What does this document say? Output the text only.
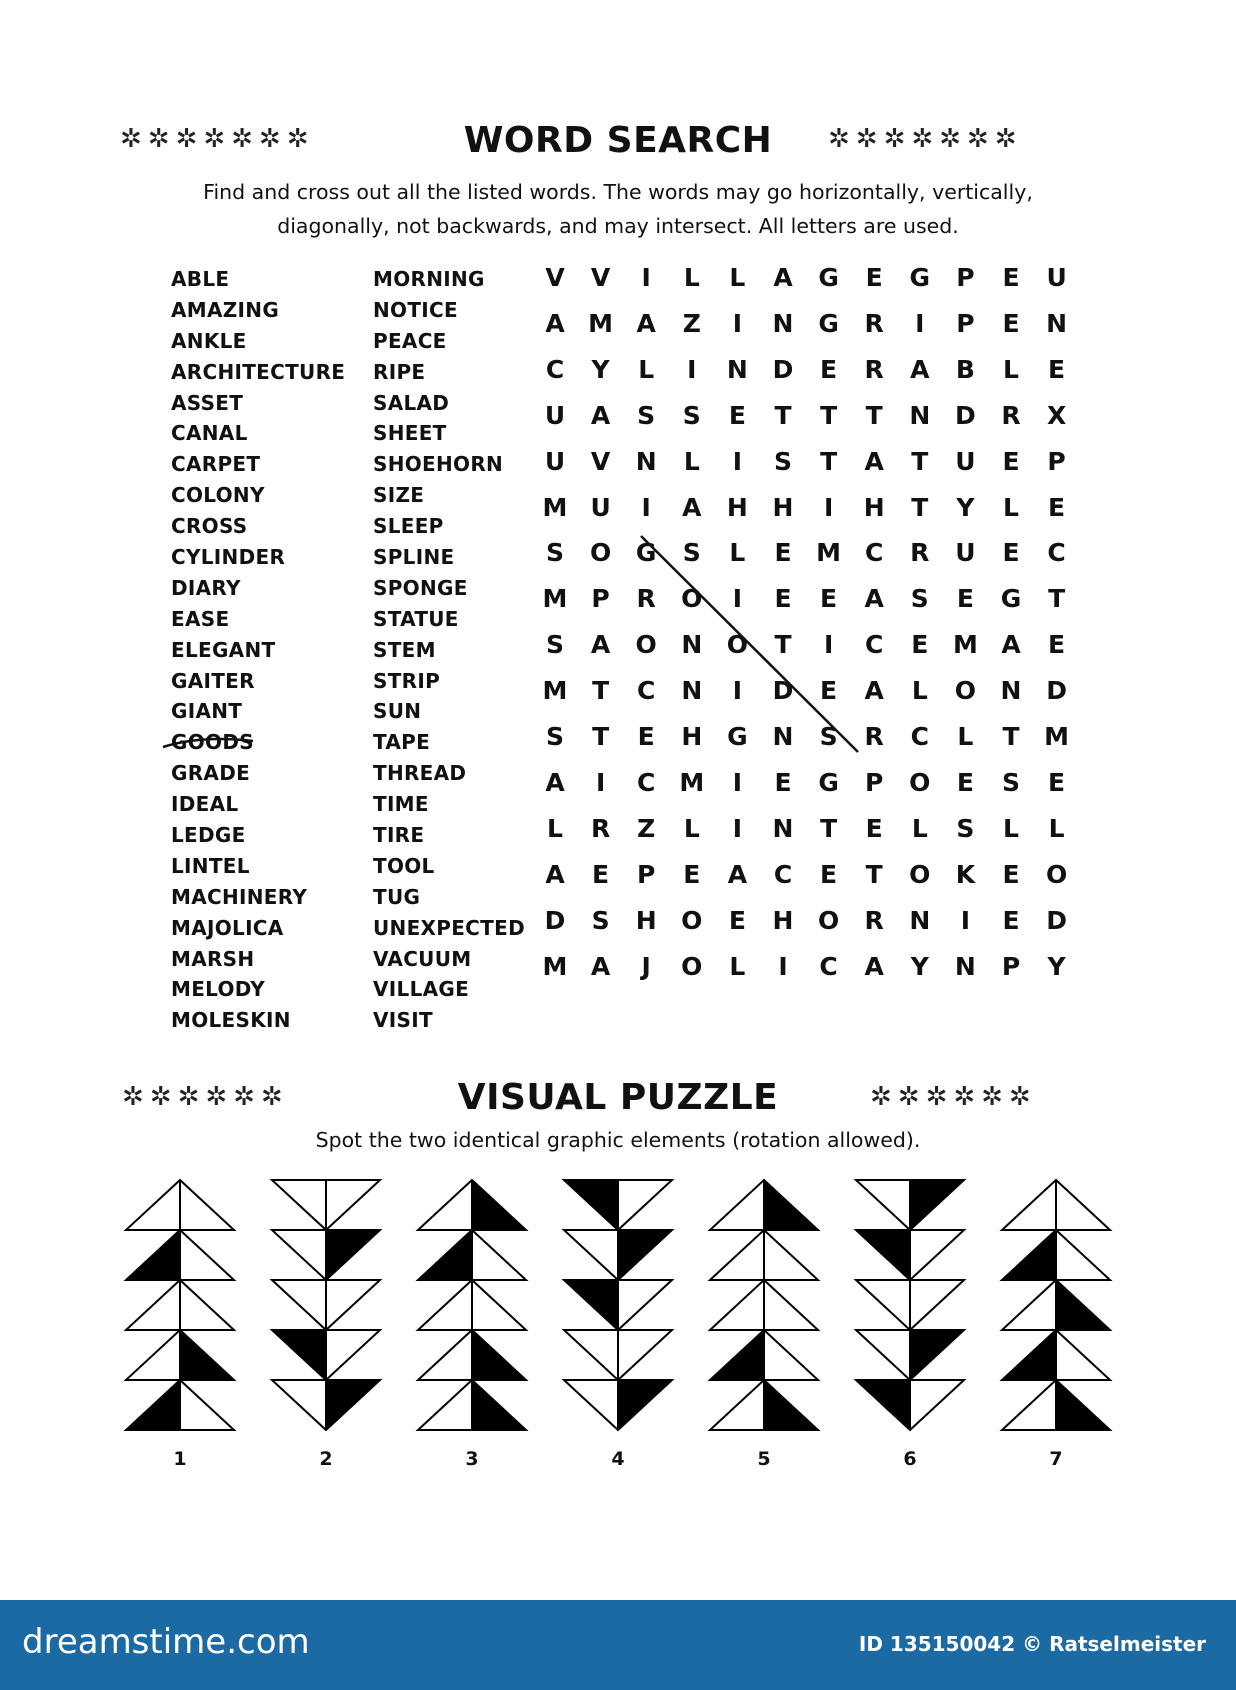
✲✲✲✲✲✲✲	WORD SEARCH	✲✲✲✲✲✲✲
Find and cross out all the listed words. The words may go horizontally, vertically,
diagonally, not backwards, and may intersect. All letters are used.
ABLE
AMAZING
ANKLE
ARCHITECTURE
ASSET
CANAL
CARPET
COLONY
CROSS
CYLINDER
DIARY
EASE
ELEGANT
GAITER
GIANT
GOODS
GRADE
IDEAL
LEDGE
LINTEL
MACHINERY
MAJOLICA
MARSH
MELODY
MOLESKIN
MORNING
NOTICE
PEACE
RIPE
SALAD
SHEET
SHOEHORN
SIZE
SLEEP
SPLINE
SPONGE
STATUE
STEM
STRIP
SUN
TAPE
THREAD
TIME
TIRE
TOOL
TUG
UNEXPECTED
VACUUM
VILLAGE
VISIT
V	V	I	L	L	A	G	E	G	P	E	U
A M A	Z	I	N G	R	I	P	E	N
C	Y	L	I	N D	E	R	A	B	L	E
U	A	S	S	E	T	T	T	N D	R	X
U	V	N	L	I	S	T	A	T	U	E	P
M U	I	A	H H	I	H	T	Y	L	E
S	O G	S	L	E M C	R	U	E	C
M P	R	O	I	E	E	A	S	E	G	T
S	A	O N O	T	I	C	E M A	E
M T	C	N	I	D	E	A	L	O N D
S	T	E	H G N	S	R	C	L	T M
A	I	C M	I	E	G	P	O	E	S	E
L	R	Z	L	I	N	T	E	L	S	L	L
A	E	P	E	A	C	E	T	O	K	E	O
D	S	H O	E	H O	R	N	I	E	D
M A	J	O	L	I	C	A	Y	N	P	Y
✲✲✲✲✲✲	VISUAL PUZZLE	✲✲✲✲✲✲
Spot the two identical graphic elements (rotation allowed).
1	2	3	4	5	6	7
dreamstime.com	ID 135150042 © Ratselmeister
